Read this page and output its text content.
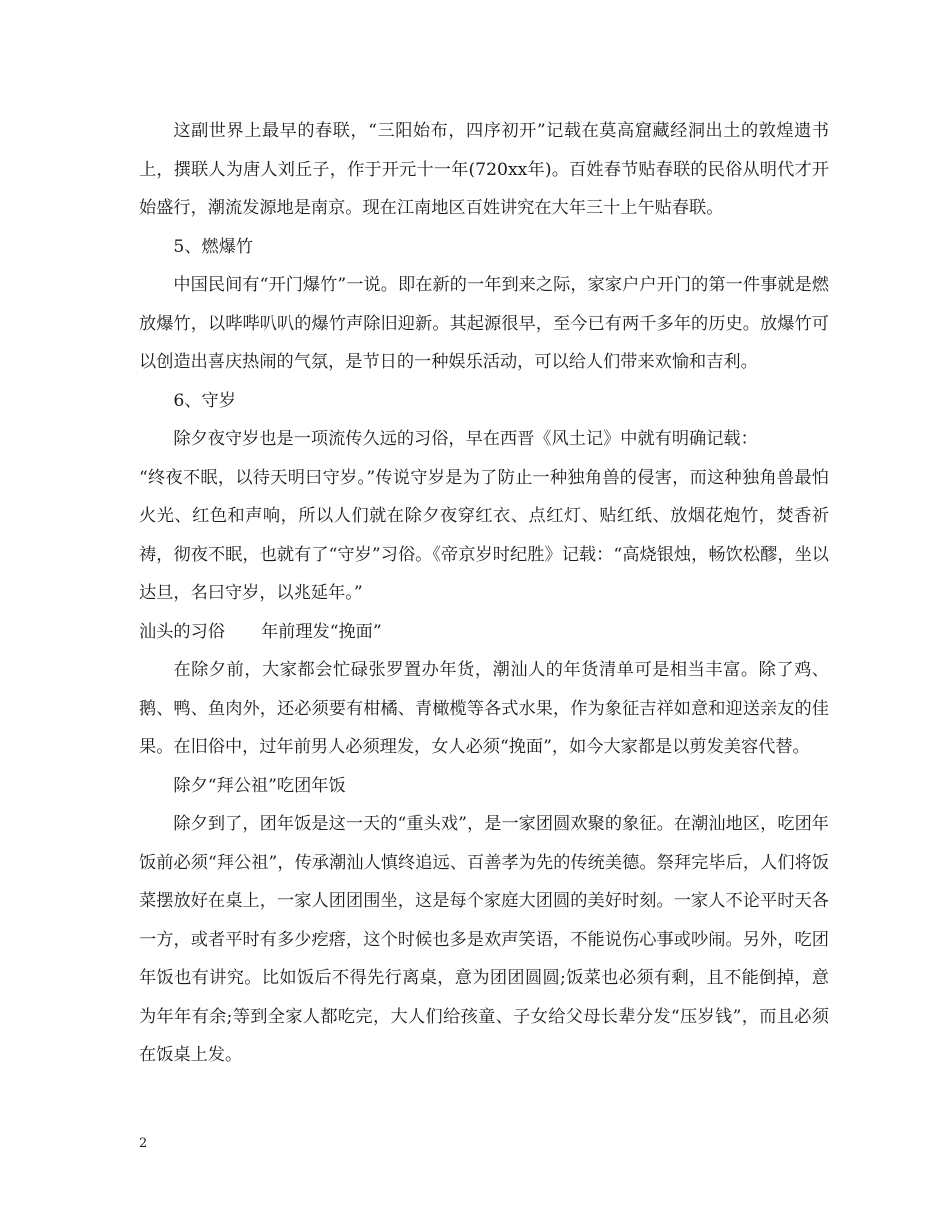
这副世界上最早的春联，“三阳始布，四序初开”记载在莫高窟藏经洞出土的敦煌遗书上，撰联人为唐人刘丘子，作于开元十一年(720xx年)。百姓春节贴春联的民俗从明代才开始盛行，潮流发源地是南京。现在江南地区百姓讲究在大年三十上午贴春联。

5、燃爆竹

中国民间有“开门爆竹”一说。即在新的一年到来之际，家家户户开门的第一件事就是燃放爆竹，以哔哔叭叭的爆竹声除旧迎新。其起源很早，至今已有两千多年的历史。放爆竹可以创造出喜庆热闹的气氛，是节日的一种娱乐活动，可以给人们带来欢愉和吉利。

6、守岁

除夕夜守岁也是一项流传久远的习俗，早在西晋《风土记》中就有明确记载：

“终夜不眠，以待天明曰守岁。”传说守岁是为了防止一种独角兽的侵害，而这种独角兽最怕火光、红色和声响，所以人们就在除夕夜穿红衣、点红灯、贴红纸、放烟花炮竹，焚香祈祷，彻夜不眠，也就有了“守岁”习俗。《帝京岁时纪胜》记载：“高烧银烛，畅饮松醪，坐以达旦，名曰守岁，以兆延年。”

汕头的习俗 年前理发“挽面”

在除夕前，大家都会忙碌张罗置办年货，潮汕人的年货清单可是相当丰富。除了鸡、鹅、鸭、鱼肉外，还必须要有柑橘、青橄榄等各式水果，作为象征吉祥如意和迎送亲友的佳果。在旧俗中，过年前男人必须理发，女人必须“挽面”，如今大家都是以剪发美容代替。

除夕“拜公祖”吃团年饭

除夕到了，团年饭是这一天的“重头戏”，是一家团圆欢聚的象征。在潮汕地区，吃团年饭前必须“拜公祖”，传承潮汕人慎终追远、百善孝为先的传统美德。祭拜完毕后，人们将饭菜摆放好在桌上，一家人团团围坐，这是每个家庭大团圆的美好时刻。一家人不论平时天各一方，或者平时有多少疙瘩，这个时候也多是欢声笑语，不能说伤心事或吵闹。另外，吃团年饭也有讲究。比如饭后不得先行离桌，意为团团圆圆;饭菜也必须有剩，且不能倒掉，意为年年有余;等到全家人都吃完，大人们给孩童、子女给父母长辈分发“压岁钱”，而且必须在饭桌上发。

2
